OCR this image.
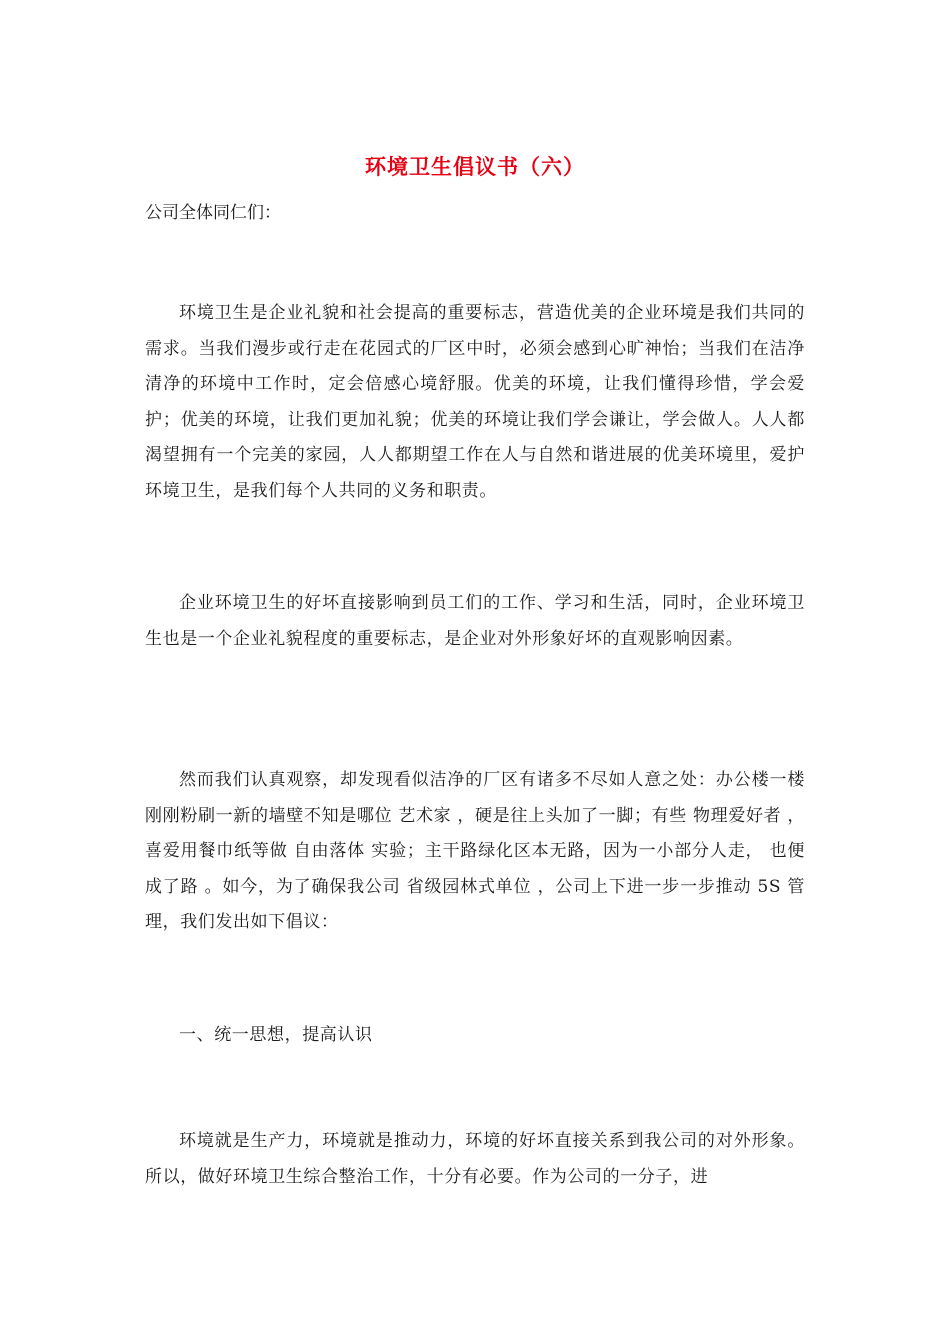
环境卫生倡议书（六）
公司全体同仁们：

环境卫生是企业礼貌和社会提高的重要标志，营造优美的企业环境是我们共同的需求。当我们漫步或行走在花园式的厂区中时，必须会感到心旷神怡；当我们在洁净清净的环境中工作时，定会倍感心境舒服。优美的环境，让我们懂得珍惜，学会爱护；优美的环境，让我们更加礼貌；优美的环境让我们学会谦让，学会做人。人人都渴望拥有一个完美的家园，人人都期望工作在人与自然和谐进展的优美环境里，爱护环境卫生，是我们每个人共同的义务和职责。

企业环境卫生的好坏直接影响到员工们的工作、学习和生活，同时，企业环境卫生也是一个企业礼貌程度的重要标志，是企业对外形象好坏的直观影响因素。

然而我们认真观察，却发现看似洁净的厂区有诸多不尽如人意之处：办公楼一楼刚刚粉刷一新的墙壁不知是哪位 艺术家 ，硬是往上头加了一脚；有些 物理爱好者 ，喜爱用餐巾纸等做 自由落体 实验；主干路绿化区本无路，因为一小部分人走， 也便成了路 。如今，为了确保我公司 省级园林式单位 ，公司上下进一步一步推动 5S 管理，我们发出如下倡议：

一、统一思想，提高认识

环境就是生产力，环境就是推动力，环境的好坏直接关系到我公司的对外形象。所以，做好环境卫生综合整治工作，十分有必要。作为公司的一分子，进
